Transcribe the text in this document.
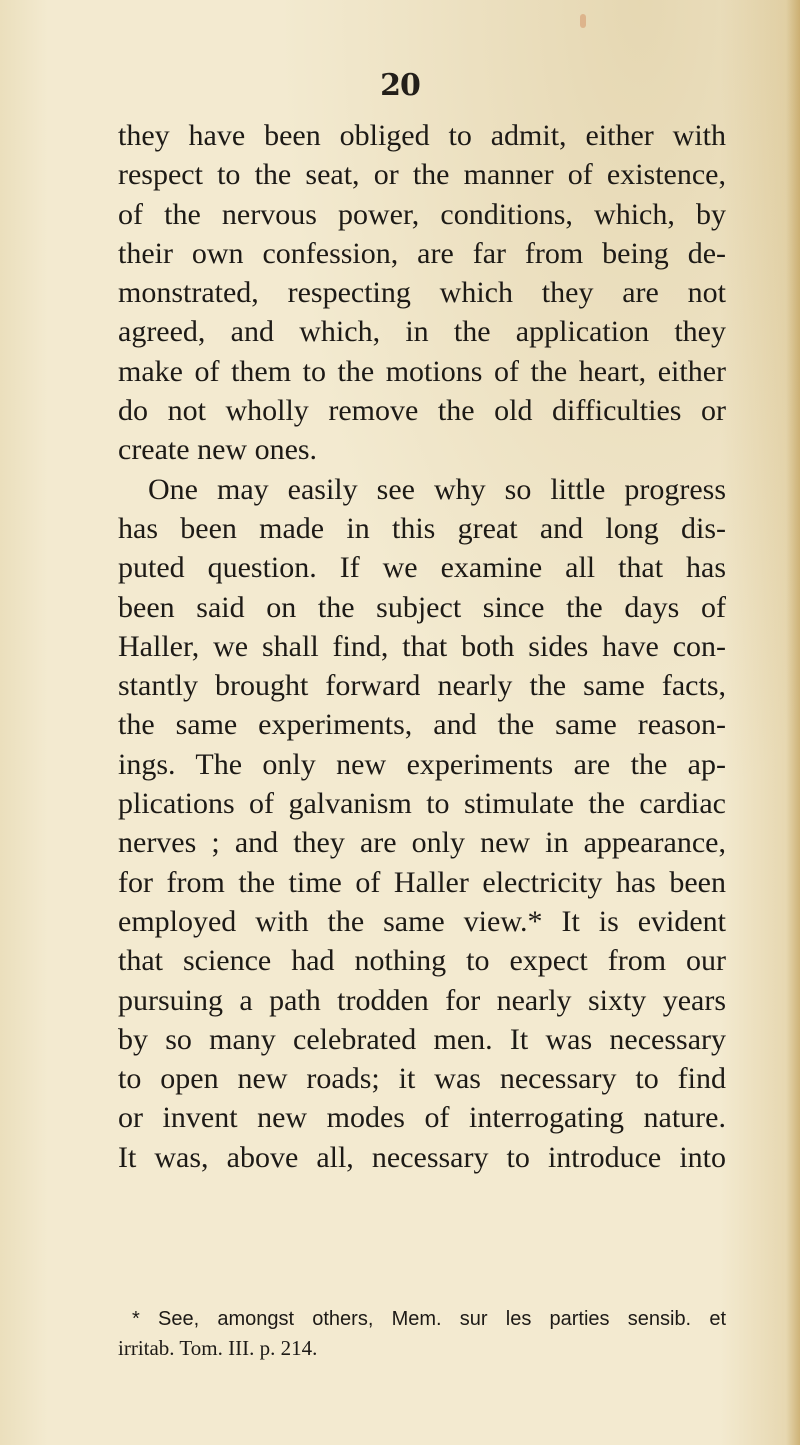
20
they have been obliged to admit, either with
respect to the seat, or the manner of existence,
of the nervous power, conditions, which, by
their own confession, are far from being de-
monstrated, respecting which they are not
agreed, and which, in the application they
make of them to the motions of the heart, either
do not wholly remove the old difficulties or
create new ones.
One may easily see why so little progress
has been made in this great and long dis-
puted question. If we examine all that has
been said on the subject since the days of
Haller, we shall find, that both sides have con-
stantly brought forward nearly the same facts,
the same experiments, and the same reason-
ings. The only new experiments are the ap-
plications of galvanism to stimulate the cardiac
nerves ; and they are only new in appearance,
for from the time of Haller electricity has been
employed with the same view.* It is evident
that science had nothing to expect from our
pursuing a path trodden for nearly sixty years
by so many celebrated men. It was necessary
to open new roads; it was necessary to find
or invent new modes of interrogating nature.
It was, above all, necessary to introduce into
* See, amongst others, Mem. sur les parties sensib. et
irritab. Tom. III. p. 214.
